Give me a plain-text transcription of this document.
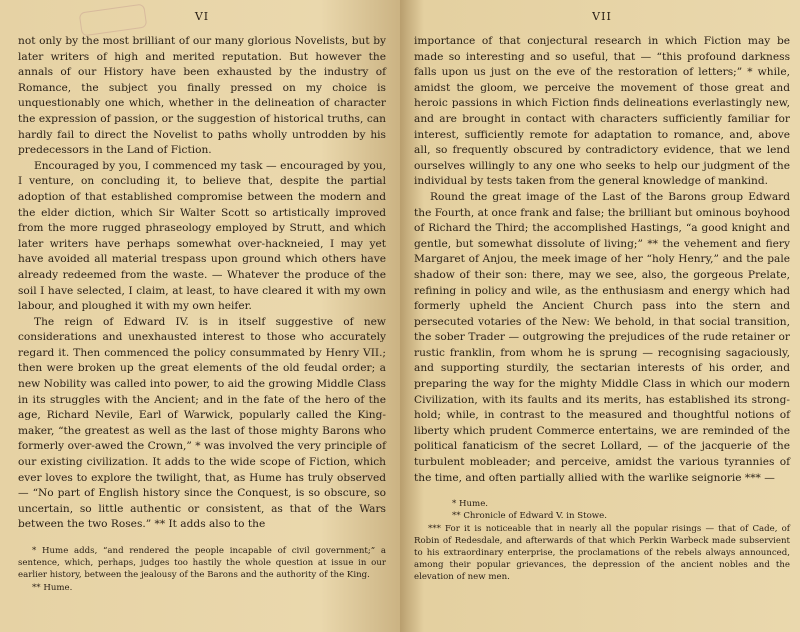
VI

not only by the most brilliant of our many glorious Novelists, but by later writers of high and merited reputation. But however the annals of our History have been exhausted by the industry of Romance, the subject you finally pressed on my choice is unquestionably one which, whether in the delineation of character the expression of passion, or the suggestion of historical truths, can hardly fail to direct the Novelist to paths wholly untrodden by his predecessors in the Land of Fiction.

Encouraged by you, I commenced my task — encouraged by you, I venture, on concluding it, to believe that, despite the partial adoption of that established compromise between the modern and the elder diction, which Sir Walter Scott so artistically improved from the more rugged phraseology employed by Strutt, and which later writers have perhaps somewhat over-hackneied, I may yet have avoided all material trespass upon ground which others have already redeemed from the waste. — Whatever the produce of the soil I have selected, I claim, at least, to have cleared it with my own labour, and ploughed it with my own heifer.

The reign of Edward IV. is in itself suggestive of new considerations and unexhausted interest to those who accurately regard it. Then commenced the policy consummated by Henry VII.; then were broken up the great elements of the old feudal order; a new Nobility was called into power, to aid the growing Middle Class in its struggles with the Ancient; and in the fate of the hero of the age, Richard Nevile, Earl of Warwick, popularly called the King-maker, “the greatest as well as the last of those mighty Barons who formerly over-awed the Crown,” * was involved the very principle of our existing civilization. It adds to the wide scope of Fiction, which ever loves to explore the twilight, that, as Hume has truly observed — “No part of English history since the Conquest, is so obscure, so uncertain, so little authentic or consistent, as that of the Wars between the two Roses.” ** It adds also to the

* Hume adds, “and rendered the people incapable of civil government;” a sentence, which, perhaps, judges too hastily the whole question at issue in our earlier history, between the jealousy of the Barons and the authority of the King.

** Hume.

VII

importance of that conjectural research in which Fiction may be made so interesting and so useful, that — “this profound darkness falls upon us just on the eve of the restoration of letters;” * while, amidst the gloom, we perceive the movement of those great and heroic passions in which Fiction finds delineations everlastingly new, and are brought in contact with characters sufficiently familiar for interest, sufficiently remote for adaptation to romance, and, above all, so frequently obscured by contradictory evidence, that we lend ourselves willingly to any one who seeks to help our judgment of the individual by tests taken from the general knowledge of mankind.

Round the great image of the Last of the Barons group Edward the Fourth, at once frank and false; the brilliant but ominous boyhood of Richard the Third; the accomplished Hastings, “a good knight and gentle, but somewhat dissolute of living;” ** the vehement and fiery Margaret of Anjou, the meek image of her “holy Henry,” and the pale shadow of their son: there, may we see, also, the gorgeous Prelate, refining in policy and wile, as the enthusiasm and energy which had formerly upheld the Ancient Church pass into the stern and persecuted votaries of the New: We behold, in that social transition, the sober Trader — outgrowing the prejudices of the rude retainer or rustic franklin, from whom he is sprung — recognising sagaciously, and supporting sturdily, the sectarian interests of his order, and preparing the way for the mighty Middle Class in which our modern Civilization, with its faults and its merits, has established its strong-hold; while, in contrast to the measured and thoughtful notions of liberty which prudent Commerce entertains, we are reminded of the political fanaticism of the secret Lollard, — of the jacquerie of the turbulent mobleader; and perceive, amidst the various tyrannies of the time, and often partially allied with the warlike seignorie *** —

* Hume.

** Chronicle of Edward V. in Stowe.

*** For it is noticeable that in nearly all the popular risings — that of Cade, of Robin of Redesdale, and afterwards of that which Perkin Warbeck made subservient to his extraordinary enterprise, the proclamations of the rebels always announced, among their popular grievances, the depression of the ancient nobles and the elevation of new men.
